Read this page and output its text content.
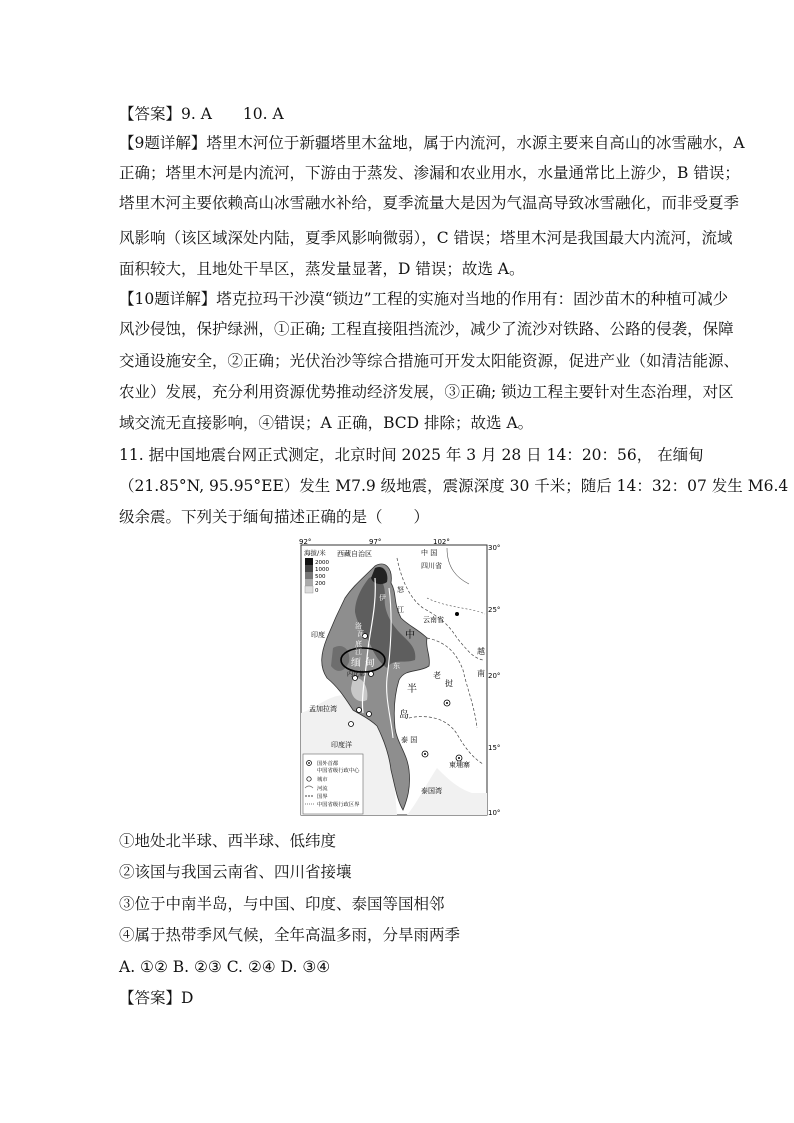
【答案】9. A　　10. A
【9题详解】塔里木河位于新疆塔里木盆地，属于内流河，水源主要来自高山的冰雪融水，A
正确；塔里木河是内流河，下游由于蒸发、渗漏和农业用水，水量通常比上游少，B 错误；
塔里木河主要依赖高山冰雪融水补给，夏季流量大是因为气温高导致冰雪融化，而非受夏季
风影响（该区域深处内陆，夏季风影响微弱），C 错误；塔里木河是我国最大内流河，流域
面积较大，且地处干旱区，蒸发量显著，D 错误；故选 A。
【10题详解】塔克拉玛干沙漠“锁边”工程的实施对当地的作用有：固沙苗木的种植可减少
风沙侵蚀，保护绿洲，①正确; 工程直接阻挡流沙，减少了流沙对铁路、公路的侵袭，保障
交通设施安全，②正确；光伏治沙等综合措施可开发太阳能资源，促进产业（如清洁能源、
农业）发展，充分利用资源优势推动经济发展，③正确; 锁边工程主要针对生态治理，对区
域交流无直接影响，④错误；A 正确，BCD 排除；故选 A。
11. 据中国地震台网正式测定，北京时间 2025 年 3 月 28 日 14：20：56， 在缅甸
（21.85°N, 95.95°EE）发生 M7.9 级地震，震源深度 30 千米；随后 14：32：07 发生 M6.4
级余震。下列关于缅甸描述正确的是（　　）
92°	97°	102°
30°
25°
20°
15°
10°
海拔/米
2000
1000
500
200
0
西藏自治区	中 国
四川省
云南省
印度
孟加拉湾
印度洋
泰 国
泰国湾
柬埔寨
越
南
老
挝
中
半
岛
缅 甸
怒
江
东
伊
洛
瓦
底
江
内比都
国外首都
中国省级行政中心
城市
河流
国界
中国省级行政区界
①地处北半球、西半球、低纬度
②该国与我国云南省、四川省接壤
③位于中南半岛，与中国、印度、泰国等国相邻
④属于热带季风气候，全年高温多雨，分旱雨两季
A. ①② B. ②③ C. ②④ D. ③④
【答案】D
